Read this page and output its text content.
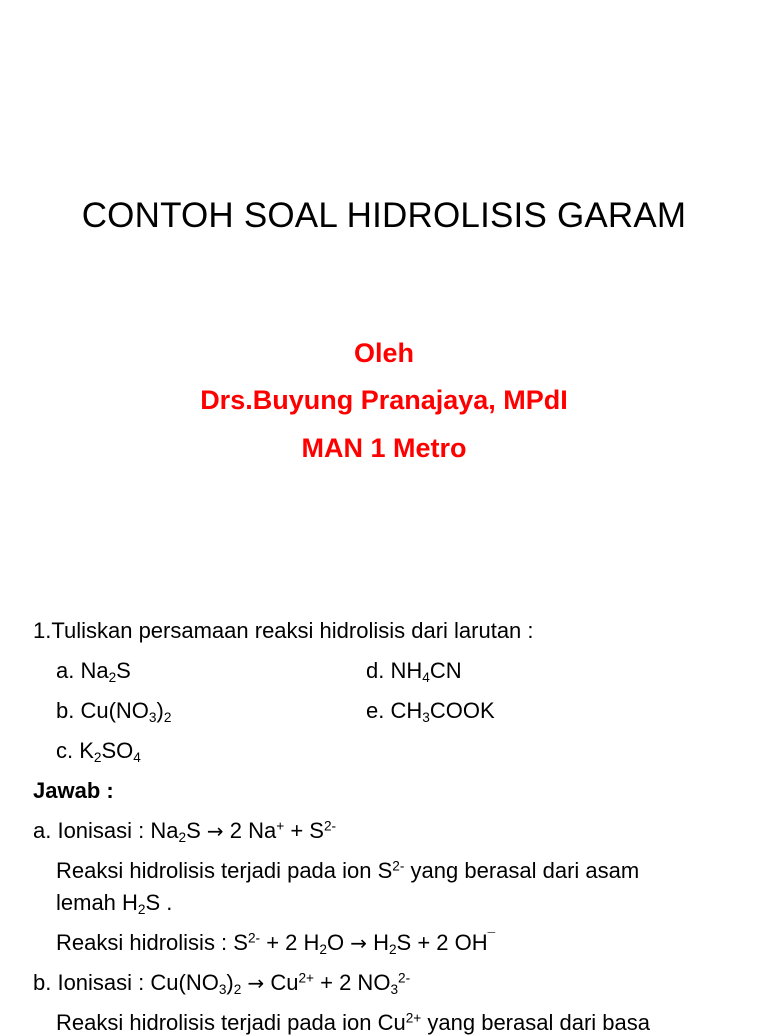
CONTOH SOAL HIDROLISIS GARAM
Oleh
Drs.Buyung Pranajaya, MPdI
MAN 1 Metro
1.Tuliskan persamaan reaksi hidrolisis dari larutan :
a. $Na_2S$	d. $NH_4CN$
b. $Cu(NO_3)_2$	e. $CH_3COOK$
c. $K_2SO_4$
Jawab :
a. Ionisasi : $Na_2S \to 2$ $Na^+ + S^{2-}$
Reaksi hidrolisis terjadi pada ion $S^{2-}$ yang berasal dari asam
lemah $H_2S$ .
Reaksi hidrolisis : $S^{2-} + 2$ $H_2O \to H_2S + 2$ OH¯
b. Ionisasi : $Cu(NO_3)_2 \to Cu^{2+} + 2$ $NO_3^{2-}$
Reaksi hidrolisis terjadi pada ion $Cu^{2+}$ yang berasal dari basa
